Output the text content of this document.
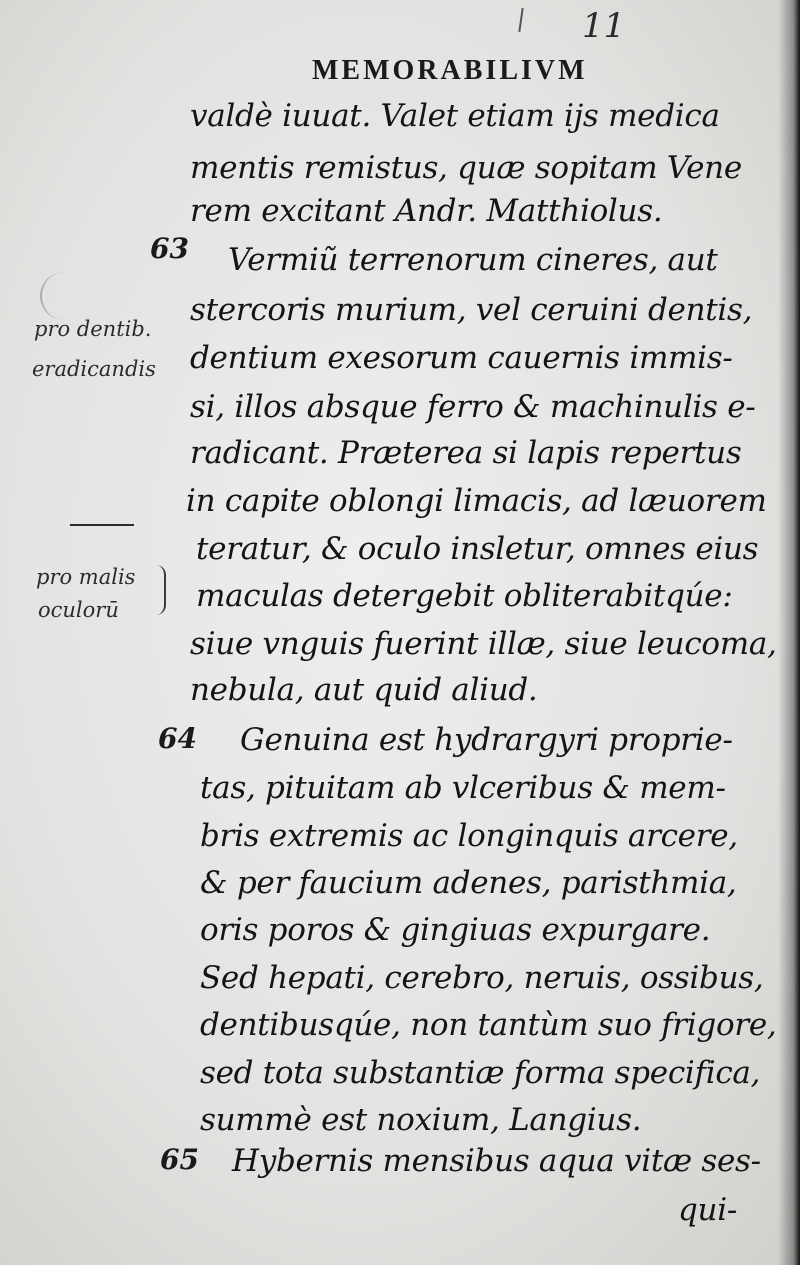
11
MEMORABILIVM
63
64
65
pro dentib.
eradicandis
pro malis
oculorū
valdè iuuat. Valet etiam ijs medica
mentis remistus, quæ sopitam Vene
rem excitant Andr. Matthiolus.
Vermiũ terrenorum cineres, aut
stercoris murium, vel ceruini dentis,
dentium exesorum cauernis immis-
si, illos absque ferro & machinulis e-
radicant. Præterea si lapis repertus
in capite oblongi limacis, ad læuorem
teratur, & oculo insletur, omnes eius
maculas detergebit obliterabitqúe:
siue vnguis fuerint illæ, siue leucoma,
nebula, aut quid aliud.
Genuina est hydrargyri proprie-
tas, pituitam ab vlceribus & mem-
bris extremis ac longinquis arcere,
& per faucium adenes, paristhmia,
oris poros & gingiuas expurgare.
Sed hepati, cerebro, neruis, ossibus,
dentibusqúe, non tantùm suo frigore,
sed tota substantiæ forma specifica,
summè est noxium, Langius.
Hybernis mensibus aqua vitæ ses-
qui-
